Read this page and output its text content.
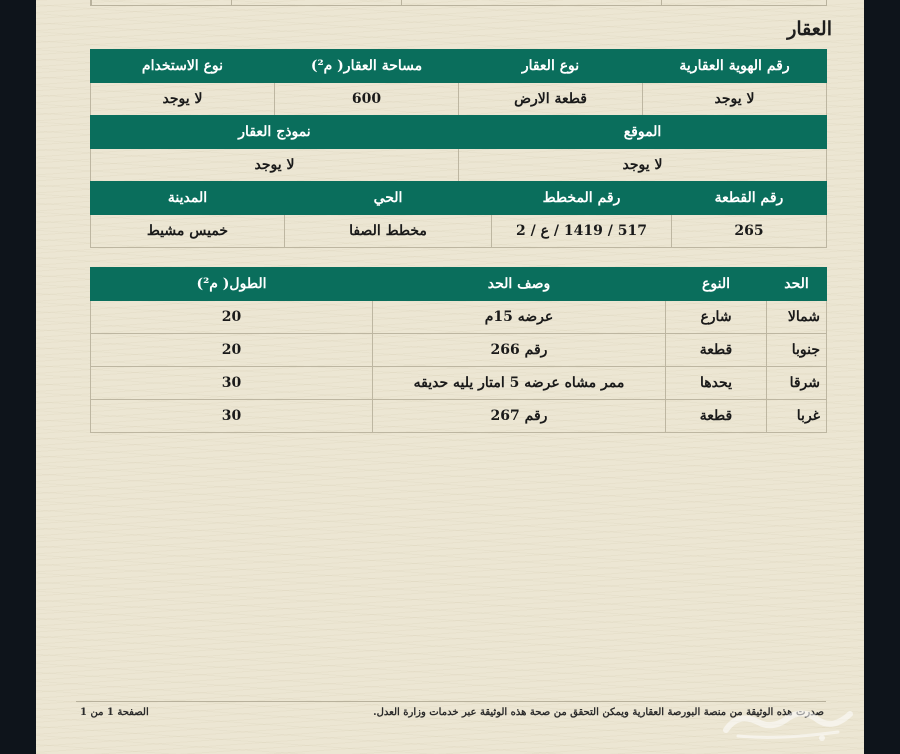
العقار
رقم الهوية العقارية	نوع العقار	مساحة العقار( م²)	نوع الاستخدام
لا يوجد	قطعة الارض	600	لا يوجد
الموقع	نموذج العقار
لا يوجد	لا يوجد
رقم القطعة	رقم المخطط	الحي	المدينة
265	517 / 1419 / ع / 2	مخطط الصفا	خميس مشيط
الحد	النوع	وصف الحد	الطول( م²)
شمالا	شارع	عرضه 15م	20
جنوبا	قطعة	رقم 266	20
شرقا	يحدها	ممر مشاه عرضه 5 امتار يليه حديقه	30
غربا	قطعة	رقم 267	30
صدرت هذه الوثيقة من منصة البورصة العقارية ويمكن التحقق من صحة هذه الوثيقة عبر خدمات وزارة العدل.
الصفحة 1 من 1
